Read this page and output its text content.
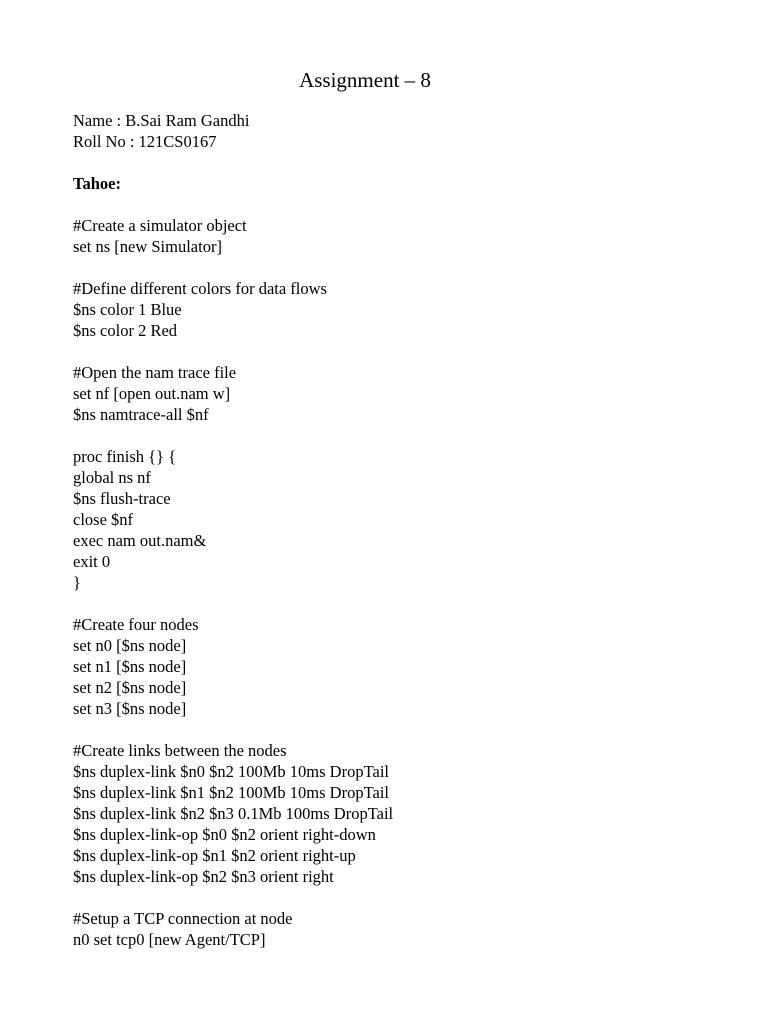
Assignment – 8
Name : B.Sai Ram Gandhi
Roll No : 121CS0167
Tahoe:
#Create a simulator object
set ns [new Simulator]
#Define different colors for data flows
$ns color 1 Blue
$ns color 2 Red
#Open the nam trace file
set nf [open out.nam w]
$ns namtrace-all $nf
proc finish {} {
global ns nf
$ns flush-trace
close $nf
exec nam out.nam&
exit 0
}
#Create four nodes
set n0 [$ns node]
set n1 [$ns node]
set n2 [$ns node]
set n3 [$ns node]
#Create links between the nodes
$ns duplex-link $n0 $n2 100Mb 10ms DropTail
$ns duplex-link $n1 $n2 100Mb 10ms DropTail
$ns duplex-link $n2 $n3 0.1Mb 100ms DropTail
$ns duplex-link-op $n0 $n2 orient right-down
$ns duplex-link-op $n1 $n2 orient right-up
$ns duplex-link-op $n2 $n3 orient right
#Setup a TCP connection at node
n0 set tcp0 [new Agent/TCP]
